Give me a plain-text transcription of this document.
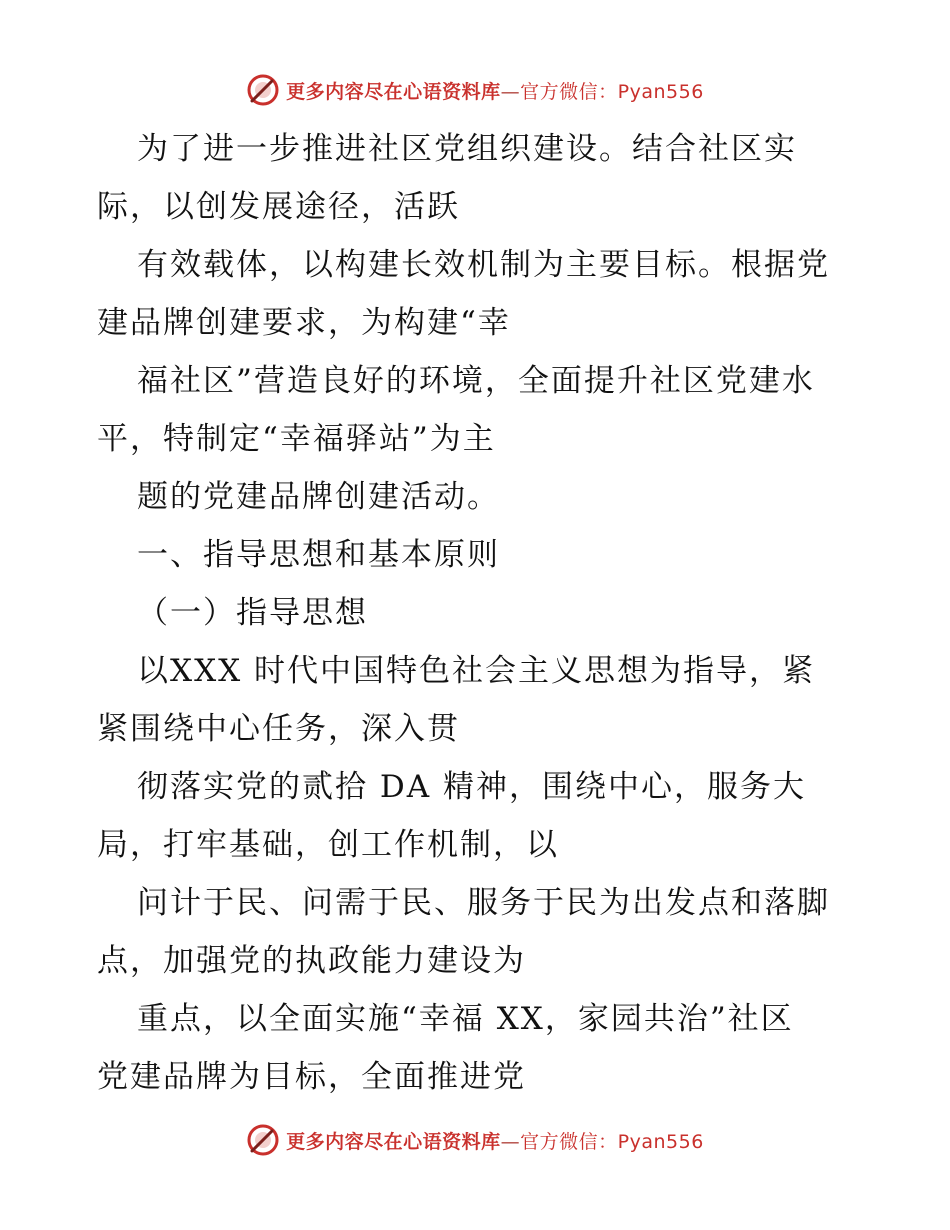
更多内容尽在心语资料库—官方微信：Pyan556
为了进一步推进社区党组织建设。结合社区实
际，以创发展途径，活跃
有效载体，以构建长效机制为主要目标。根据党
建品牌创建要求，为构建“幸
福社区”营造良好的环境，全面提升社区党建水
平，特制定“幸福驿站”为主
题的党建品牌创建活动。
一、指导思想和基本原则
（一）指导思想
以XXX 时代中国特色社会主义思想为指导，紧
紧围绕中心任务，深入贯
彻落实党的贰拾 DA 精神，围绕中心，服务大
局，打牢基础，创工作机制，以
问计于民、问需于民、服务于民为出发点和落脚
点，加强党的执政能力建设为
重点，以全面实施“幸福 XX，家园共治”社区
党建品牌为目标，全面推进党
更多内容尽在心语资料库—官方微信：Pyan556
